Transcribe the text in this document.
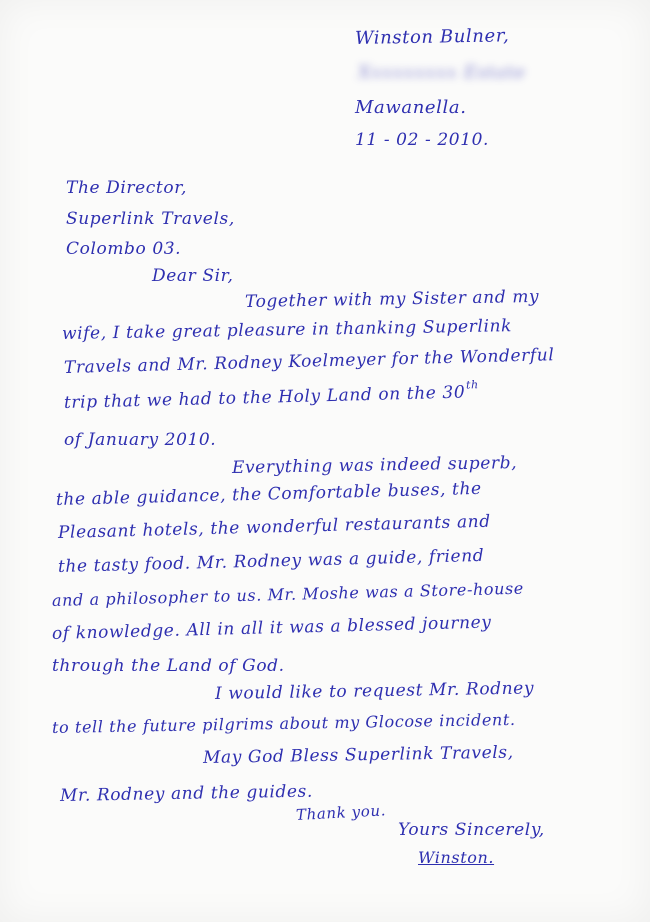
​
Winston Bulner,
Xxxxxxxxx Estate
Mawanella.
11 - 02 - 2010.
The Director,
Superlink Travels,
Colombo 03.
Dear Sir,
Together with my Sister and my
wife, I take great pleasure in thanking Superlink
Travels and Mr. Rodney Koelmeyer for the Wonderful
trip that we had to the Holy Land on the 30th
of January 2010.
Everything was indeed superb,
the able guidance, the Comfortable buses, the
Pleasant hotels, the wonderful restaurants and
the tasty food. Mr. Rodney was a guide, friend
and a philosopher to us. Mr. Moshe was a Store-house
of knowledge. All in all it was a blessed journey
through the Land of God.
I would like to request Mr. Rodney
to tell the future pilgrims about my Glocose incident.
May God Bless Superlink Travels,
Mr. Rodney and the guides.
Thank you.
Yours Sincerely,
Winston.
